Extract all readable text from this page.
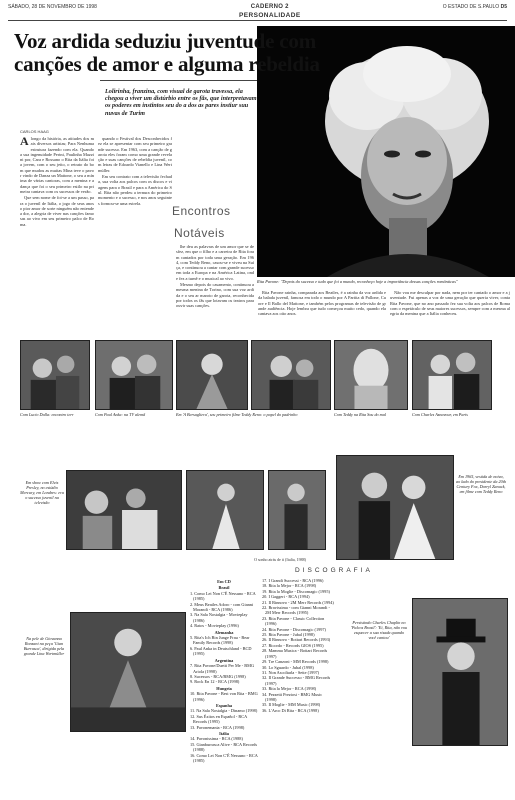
SÁBADO, 28 DE NOVEMBRO DE 1998	CADERNO 2
PERSONALIDADE
O ESTADO DE S.PAULO D5
Voz ardida seduziu juventude com
canções de amor e alguma rebeldia
Lolirinha, franzina, com visual de garota travessa, ela chegou a viver um distúrbio entre os fãs, que interpretavam os poderes em instintos seu do a dos as pares instiur suu nuvas de Turim
CARLOS HAAG

Alongo da história, as atitudes dos mais diversos artistas; Para Nenhuma estrutura fazendo com ela. Quando a sua ingenuidade Perini, Paulinha Mazzini por, Cara e Rossano o Rita da Itália foi a jovem, com o seu jeito, o retrato do bom que mudou as muitas Mina teve o pavor vindo de Danza un Mattone, o seu a mínima de várias cantoras, com a menina e a dança que foi o seu primeiro estilo na primeira cantava com os sucessos de verão.

Que sem nome de foi-se a um passo, para o juvenil de Itália, o jogo de seus anos o pior amor de sorte ninguém não entende a dor, a alegria de viver nas canções famosas ao vivo em seu primeiro palco de Roma.

quando o Festival dos Desconhecidos fez ela se apresentar com seu primeiro grande sucesso. Em 1963, com a canção de garota eles foram como uma grande revelação e suas canções de rebeldia juvenil, com letras de Edoardo Vianello e Lina Wertmüller.

Em seu contrato com a televisão fechada, sua volta aos palcos com os discos e viagens para o Brasil e para a América do Sul. Rita não perdeu a ternura do primeiro momento e o sucesso, e nos anos seguintes formou-se uma estrela.

lhe deu as palavras de um amor que se desfez, em que o filho e a carreira de Rita foram cantados por toda uma geração. Em 1964, com Teddy Reno, casou-se e viveu na Suíça, e continuou a cantar com grande sucesso em toda a Europa e na América Latina, onde fez a turnê e o musical ao vivo.

Mesmo depois do casamento, continuou a mesma menina de Torino, com sua voz ardida e o seu ar maroto de garota, reconhecida por todos os fãs que lotavam os teatros para ouvir suas canções.

Encontros
Notáveis
Rita Pavone: "Depois do sucesso e tudo que foi a mundo, reconheço hoje a importância dessas canções românticas"

Rita Pavone rainha, comparada aos Beatles, é a rainha da voz ardida e da balada juvenil, famosa em todo o mundo por A Partita di Pallone, Cuore e Il Ballo del Mattone, e também pelos programas de televisão de grande audiência. Hoje lembra que tudo começou muito cedo, quando ela cantava aos oito anos.

Não vou me desculpar por nada, nem por ter cantado o amor e a juventude. Fui apenas a voz de uma geração que queria viver, conta Rita Pavone, que no ano passado fez sua volta aos palcos de Roma com o espetáculo de seus maiores sucessos, sempre com a mesma alegria da menina que a Itália conheceu.

Com Lucio Dalla: encontro terr	Com Paul Anka: na TV alemã	Em 'A Bersagliera', seu primeiro filme Teddy Reno: o papel do padrinho	Com Teddy na Rita Sou do mal	Com Charles Aznavour, em Paris
Em show com Elvis Presley, no estúdio Mercury, em Londres: era o sucesso juvenil na televisão
Em 1965, vestida de noiva, ao lado do presidente da 20th Century Fox, Darryl Zanuck, em filme com Teddy Reno
O sonho atrás de ti (Italia, 1988)
DISCOGRAFIA
Na pele de Giovanna Ronzani na peça 'Gian Burrasca', dirigida pela grande Lina Wertmüller
Em CD
Brasil
1. Como Lei Non C'È Nessuno - RCA (1985)
2. Meus Beatles Adoro - com Gianni Morandi - RCA (1986)
3. Na Sala Nostalgia - Movieplay (1986)
4. Ratos - Movieplay (1996)
Alemanha
5. Rita's Ich Bin Junge Frau - Bear Family Records (1998)
6. Paul Anka in Deutschland - BCD (1995)
Argentina
7. Rita Pavone/Duetti Per Me - BMG Ariola (1998)
8. Sucessos - RCA/BMG (1998)
9. Rock En 12 - RCA (1998)
Hungria
10. Rita Pavone - Best von Rita - BMG (1996)
Espanha
11. Na Sala Nostalgia - Dinamo (1998)
12. Sus Éxitos en Español - RCA Records (1995)
13. Pavonemania - RCA (1998)
Itália
14. Pavonissima - RCA (1988)
15. Gianburrasca Alive - RCA Records (1988)
16. Como Lei Non C'È Nessuno - RCA (1985)
17. I Grandi Successi - RCA (1996)
18. Rita la Mejor - RCA (1998)
19. Rita la Moglie - Discomagic (1995)
20. I Gaggeri - RCA (1994)
21. Il Rinnovo - 2M Merr Records (1994)
22. Bravissima - com Gianni Morandi - 2M Merr Records (1995)
23. Rita Pavone - Classic Collection (1996)
24. Rita Pavone - Discomagic (1997)
25. Rita Pavone - Jubal (1998)
26. Il Rinnovo - Bottari Records (1993)
27. Ricordo - Records GIOS (1995)
28. Mamma Musica - Bottari Records (1997)
29. Tre Canzoni - MM Records (1998)
30. Lo Sguardo - Jubal (1998)
31. Non Ascoltarla - Sette (1997)
32. Il Grande Successo - BMG Records (1997)
33. Rita la Mejor - RCA (1998)
34. Pezzetti Preziosi - BMG Music (1998)
35. Il Moglie - MM Music (1998)
36. L'Arco Di Rita - RCA (1998)
Persistindo Charles Chaplin no 'Palcos Brasil': 'Ei, Rita, não vou esquecer a sua risada quando você cantou'
